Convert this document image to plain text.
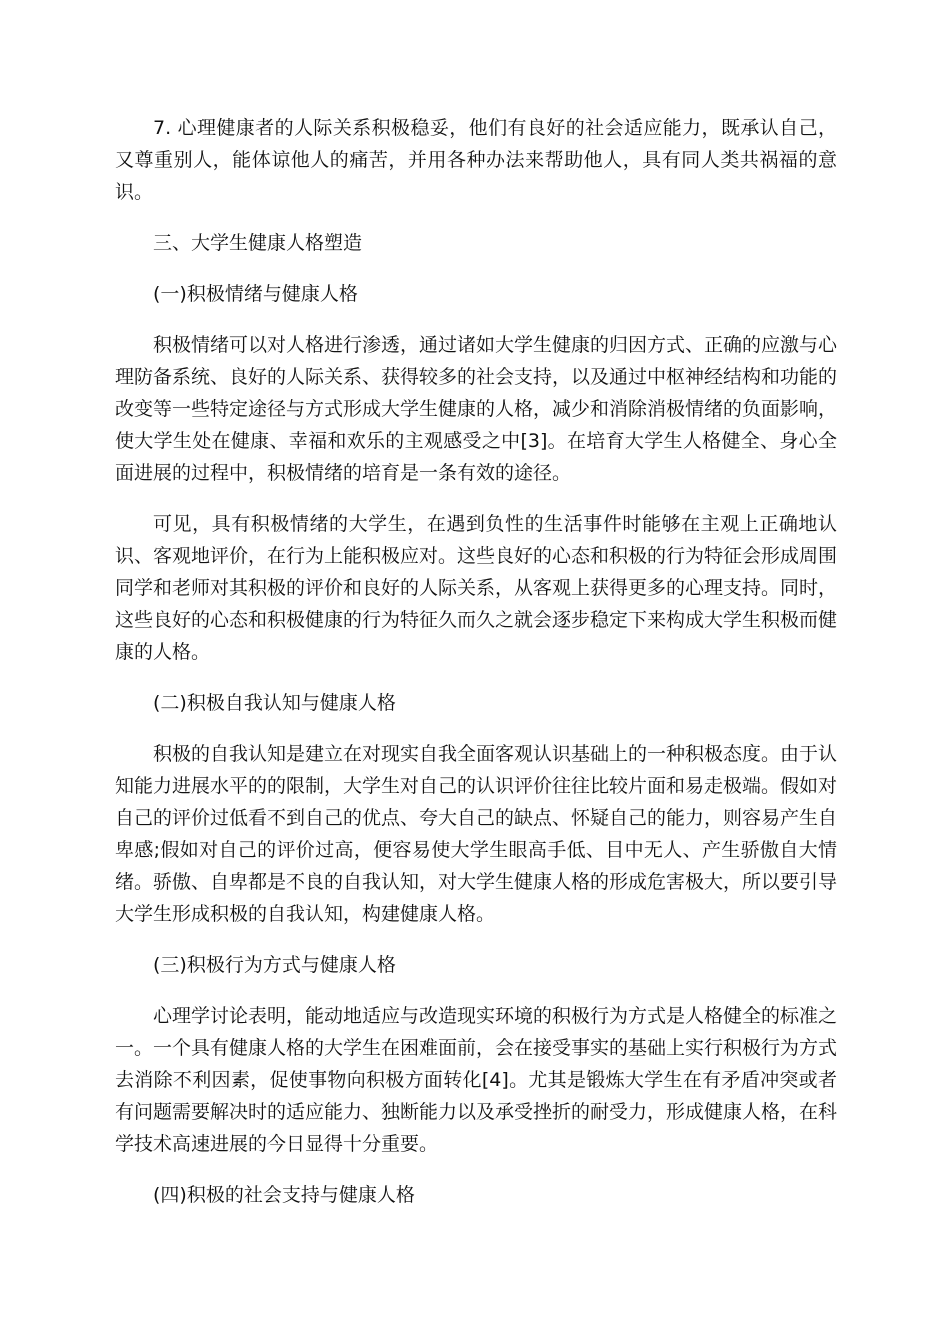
7. 心理健康者的人际关系积极稳妥，他们有良好的社会适应能力，既承认自己，又尊重别人，能体谅他人的痛苦，并用各种办法来帮助他人，具有同人类共祸福的意识。

三、大学生健康人格塑造

(一)积极情绪与健康人格

积极情绪可以对人格进行渗透，通过诸如大学生健康的归因方式、正确的应激与心理防备系统、良好的人际关系、获得较多的社会支持，以及通过中枢神经结构和功能的改变等一些特定途径与方式形成大学生健康的人格，减少和消除消极情绪的负面影响，使大学生处在健康、幸福和欢乐的主观感受之中[3]。在培育大学生人格健全、身心全面进展的过程中，积极情绪的培育是一条有效的途径。

可见，具有积极情绪的大学生，在遇到负性的生活事件时能够在主观上正确地认识、客观地评价，在行为上能积极应对。这些良好的心态和积极的行为特征会形成周围同学和老师对其积极的评价和良好的人际关系，从客观上获得更多的心理支持。同时，这些良好的心态和积极健康的行为特征久而久之就会逐步稳定下来构成大学生积极而健康的人格。

(二)积极自我认知与健康人格

积极的自我认知是建立在对现实自我全面客观认识基础上的一种积极态度。由于认知能力进展水平的的限制，大学生对自己的认识评价往往比较片面和易走极端。假如对自己的评价过低看不到自己的优点、夸大自己的缺点、怀疑自己的能力，则容易产生自卑感;假如对自己的评价过高，便容易使大学生眼高手低、目中无人、产生骄傲自大情绪。骄傲、自卑都是不良的自我认知，对大学生健康人格的形成危害极大，所以要引导大学生形成积极的自我认知，构建健康人格。

(三)积极行为方式与健康人格

心理学讨论表明，能动地适应与改造现实环境的积极行为方式是人格健全的标准之一。一个具有健康人格的大学生在困难面前，会在接受事实的基础上实行积极行为方式去消除不利因素，促使事物向积极方面转化[4]。尤其是锻炼大学生在有矛盾冲突或者有问题需要解决时的适应能力、独断能力以及承受挫折的耐受力，形成健康人格，在科学技术高速进展的今日显得十分重要。

(四)积极的社会支持与健康人格
